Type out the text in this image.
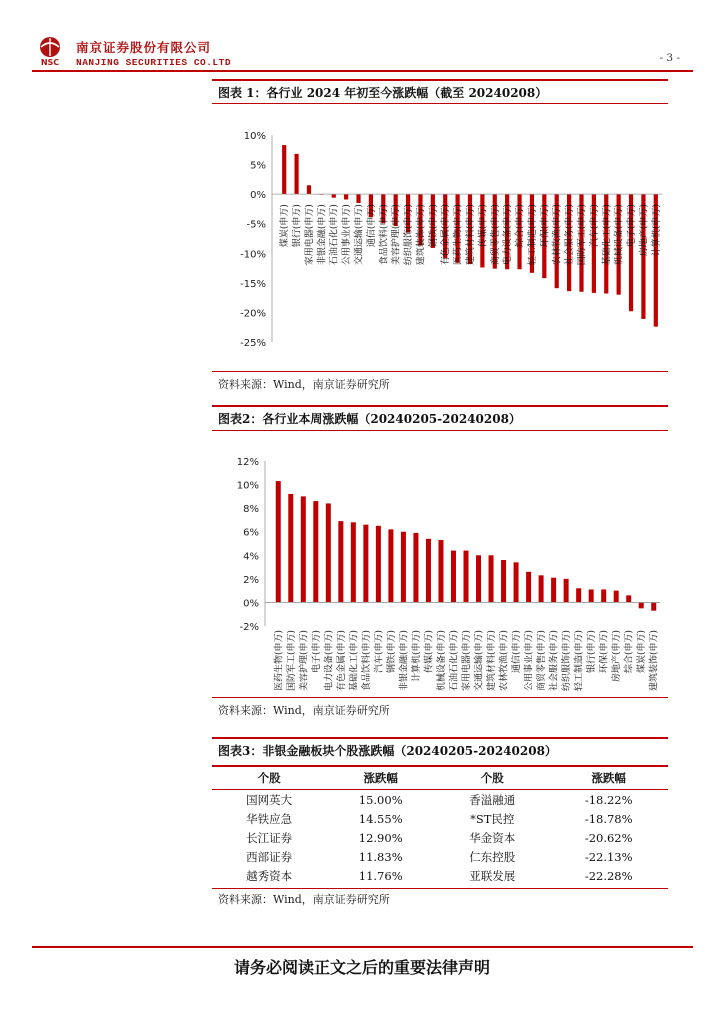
NSC
南京证券股份有限公司
NANJING SECURITIES CO.LTD	- 3 -
图表 1：各行业 2024 年初至今涨跌幅（截至 20240208）
10%
5%
0%
-5%
-10%
-15%
-20%
-25%
煤炭(申万) 银行(申万) 家用电器(申万) 非银金融(申万) 石油石化(申万) 公用事业(申万) 交通运输(申万) 通信(申万) 食品饮料(申万) 美容护理(申万) 纺织服饰(申万) 建筑装饰(申万) 钢铁(申万) 有色金属(申万) 医药生物(申万) 建筑材料(申万) 传媒(申万) 商贸零售(申万) 电力设备(申万) 综合(申万) 轻工制造(申万) 环保(申万) 农林牧渔(申万) 社会服务(申万) 国防军工(申万) 汽车(申万) 基础化工(申万) 机械设备(申万) 电子(申万) 房地产(申万) 计算机(申万)
资料来源：Wind，南京证券研究所
图表2：各行业本周涨跌幅（20240205-20240208）
12%
10%
8%
6%
4%
2%
0%
-2%
医药生物(申万) 国防军工(申万) 美容护理(申万) 电子(申万) 电力设备(申万) 有色金属(申万) 基础化工(申万) 食品饮料(申万) 汽车(申万) 钢铁(申万) 非银金融(申万) 计算机(申万) 传媒(申万) 机械设备(申万) 石油石化(申万) 家用电器(申万) 交通运输(申万) 建筑材料(申万) 农林牧渔(申万) 通信(申万) 公用事业(申万) 商贸零售(申万) 社会服务(申万) 纺织服饰(申万) 轻工制造(申万) 银行(申万) 环保(申万) 房地产(申万) 综合(申万) 煤炭(申万) 建筑装饰(申万)
资料来源：Wind，南京证券研究所
图表3：非银金融板块个股涨跌幅（20240205-20240208）
个股	涨跌幅	个股	涨跌幅
国网英大	15.00%	香溢融通	-18.22%
华铁应急	14.55%	*ST民控	-18.78%
长江证券	12.90%	华金资本	-20.62%
西部证券	11.83%	仁东控股	-22.13%
越秀资本	11.76%	亚联发展	-22.28%
资料来源：Wind，南京证券研究所
请务必阅读正文之后的重要法律声明
